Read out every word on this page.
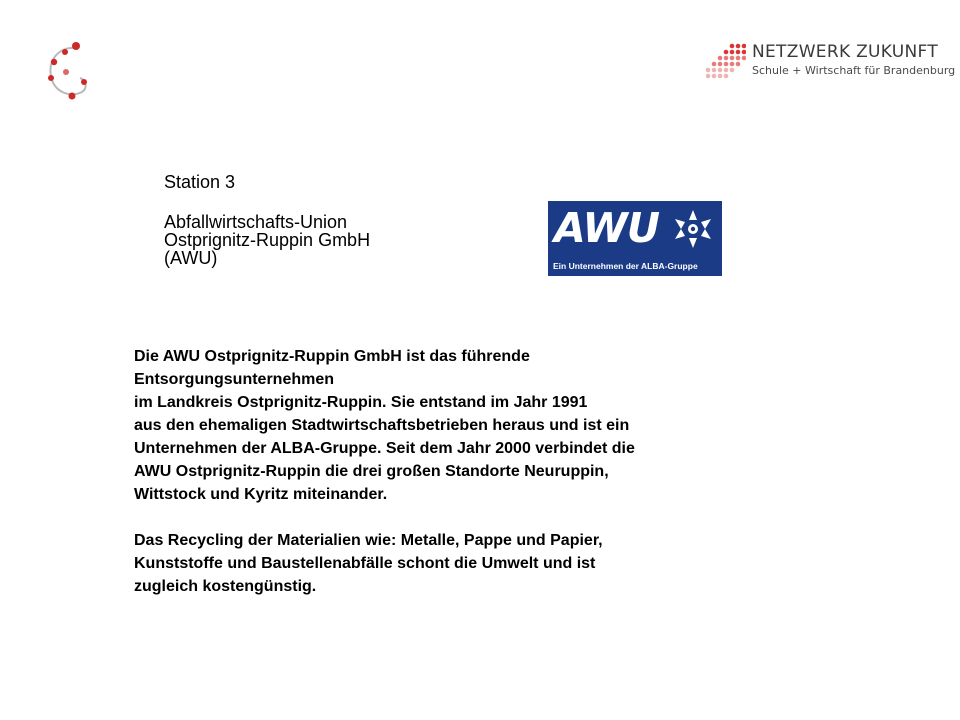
NETZWERK ZUKUNFT
Schule + Wirtschaft für Brandenburg
Station 3
Abfallwirtschafts-Union
Ostprignitz-Ruppin GmbH
(AWU)
AWU
Ein Unternehmen der ALBA-Gruppe
Die AWU Ostprignitz-Ruppin GmbH ist das führende
Entsorgungsunternehmen
im Landkreis Ostprignitz-Ruppin. Sie entstand im Jahr 1991
aus den ehemaligen Stadtwirtschaftsbetrieben heraus und ist ein
Unternehmen der ALBA-Gruppe. Seit dem Jahr 2000 verbindet die
AWU Ostprignitz-Ruppin die drei großen Standorte Neuruppin,
Wittstock und Kyritz miteinander.
Das Recycling der Materialien wie: Metalle, Pappe und Papier,
Kunststoffe und Baustellenabfälle schont die Umwelt und ist
zugleich kostengünstig.
